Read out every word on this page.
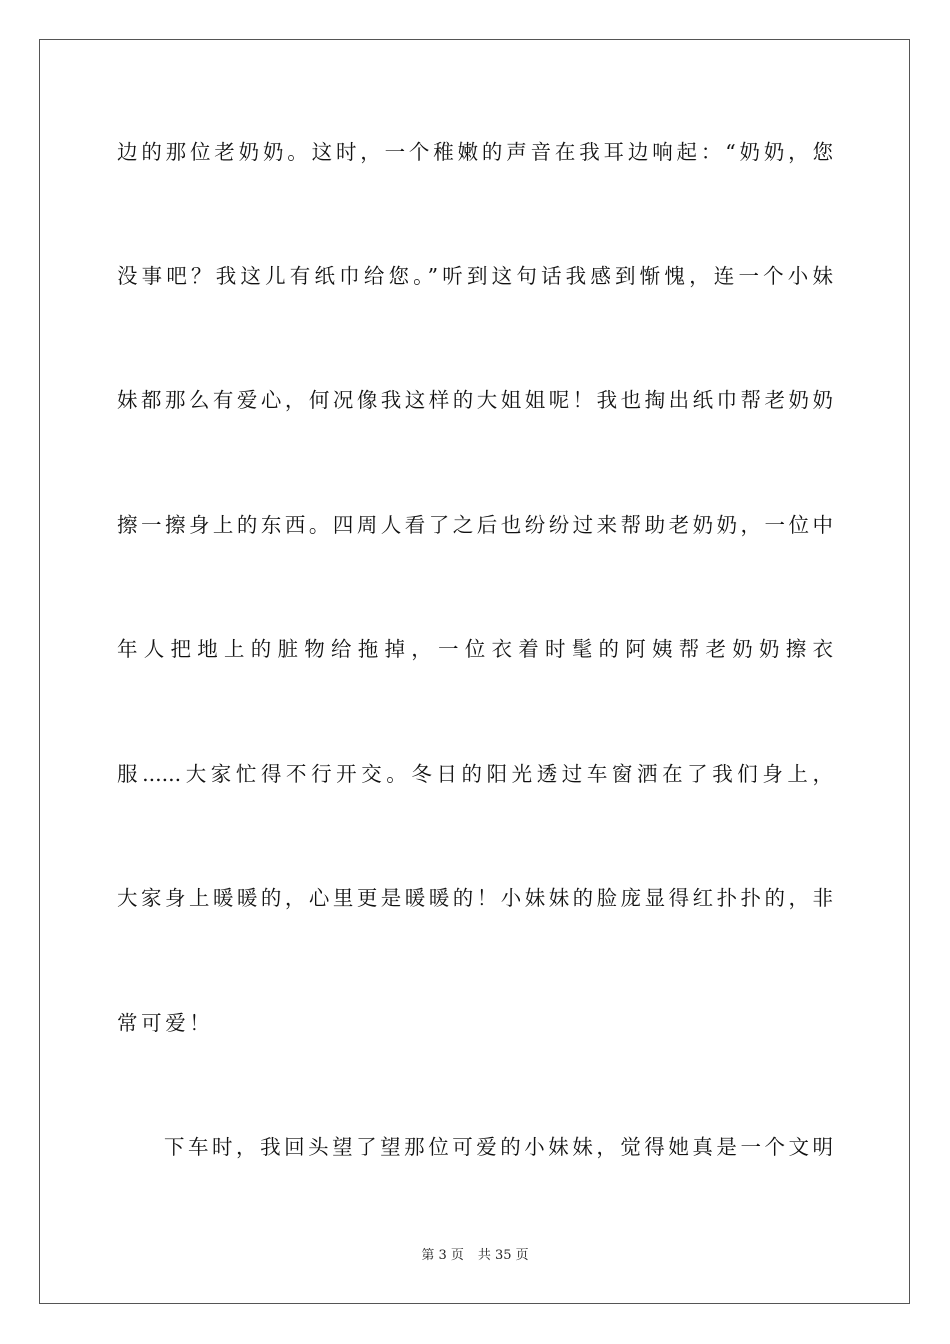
边的那位老奶奶。这时，一个稚嫩的声音在我耳边响起：“奶奶，您
没事吧？我这儿有纸巾给您。”听到这句话我感到惭愧，连一个小妹
妹都那么有爱心，何况像我这样的大姐姐呢！我也掏出纸巾帮老奶奶
擦一擦身上的东西。四周人看了之后也纷纷过来帮助老奶奶，一位中
年人把地上的脏物给拖掉，一位衣着时髦的阿姨帮老奶奶擦衣
服......大家忙得不行开交。冬日的阳光透过车窗洒在了我们身上，
大家身上暖暖的，心里更是暖暖的！小妹妹的脸庞显得红扑扑的，非
常可爱！
下车时，我回头望了望那位可爱的小妹妹，觉得她真是一个文明
第 3 页 共 35 页
